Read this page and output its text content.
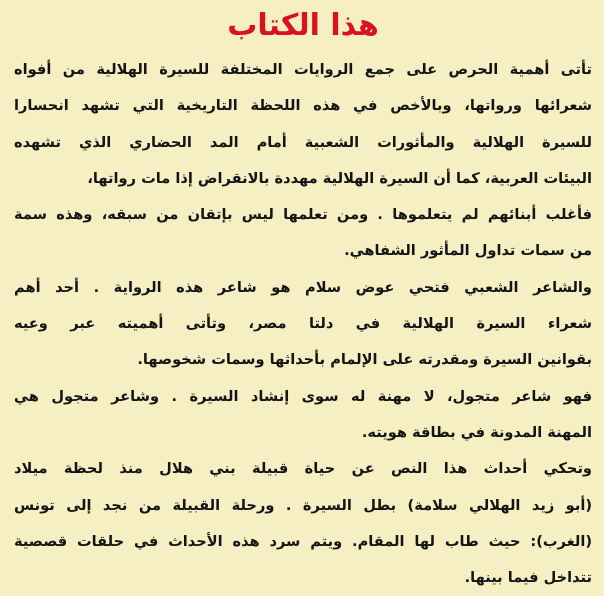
هذا الكتاب
تأتى أهمية الحرص على جمع الروايات المختلفة للسيرة الهلالية من أفواه
شعرائها ورواتها، وبالأخص في هذه اللحظة التاريخية التي تشهد انحسارا
للسيرة الهلالية والمأثورات الشعبية أمام المد الحضاري الذي تشهده
البيئات العربية، كما أن السيرة الهلالية مهددة بالانقراض إذا مات رواتها،
فأغلب أبنائهم لم يتعلموها . ومن تعلمها ليس بإتقان من سبقه، وهذه سمة
من سمات تداول المأثور الشفاهي.
والشاعر الشعبي فتحي عوض سلام هو شاعر هذه الرواية . أحد أهم
شعراء السيرة الهلالية في دلتا مصر، وتأتى أهميته عبر وعيه
بقوانين السيرة ومقدرته على الإلمام بأحداثها وسمات شخوصها.
فهو شاعر متجول، لا مهنة له سوى إنشاد السيرة . وشاعر متجول هي
المهنة المدونة في بطاقة هويته.
وتحكي أحداث هذا النص عن حياة قبيلة بني هلال منذ لحظة ميلاد
(أبو زيد الهلالي سلامة) بطل السيرة . ورحلة القبيلة من نجد إلى تونس
(الغرب): حيث طاب لها المقام. ويتم سرد هذه الأحداث في حلقات قصصية
تتداخل فيما بينها.
